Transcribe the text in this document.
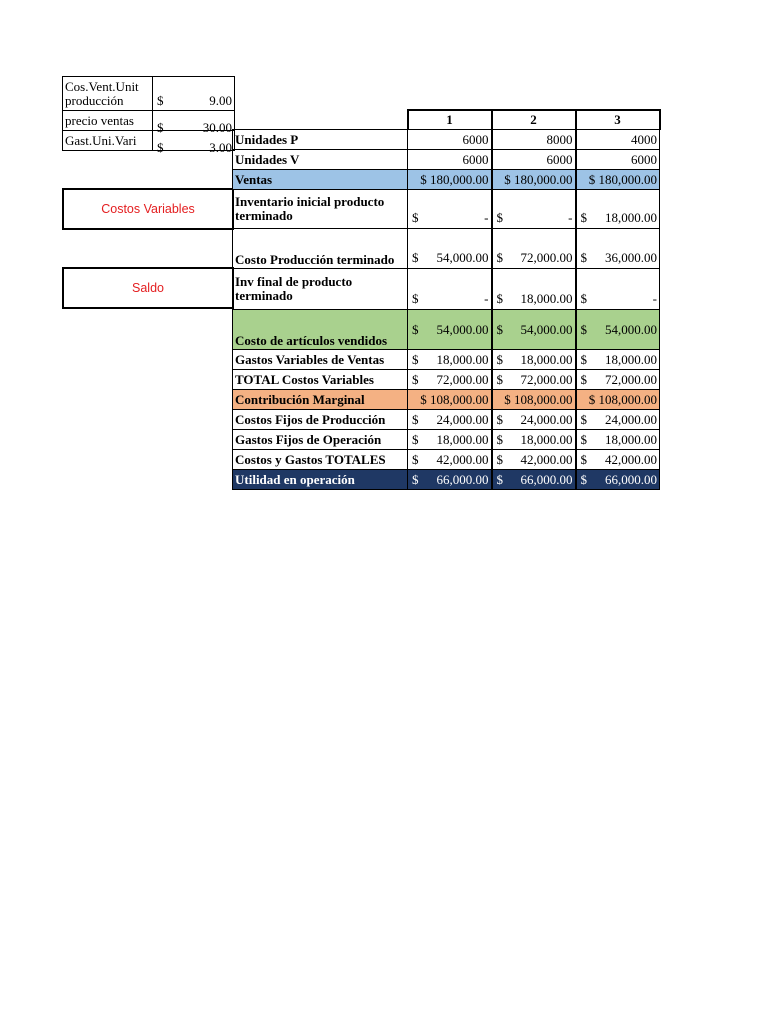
Cos.Vent.Unit producción	$ 9.00

precio ventas	$ 30.00

Gast.Uni.Vari	$ 3.00
Costos Variables
Saldo
	1	2	3
Unidades P	6000	8000	4000

Unidades V	6000	6000	6000

Ventas	$ 180,000.00	$ 180,000.00	$ 180,000.00

Inventario inicial producto terminado	$ -	$ -	$ 18,000.00

Costo Producción terminado	$ 54,000.00	$ 72,000.00	$ 36,000.00

Inv final de producto terminado	$ -	$ 18,000.00	$ -

Costo de artículos vendidos	$ 54,000.00	$ 54,000.00	$ 54,000.00

Gastos Variables de Ventas	$ 18,000.00	$ 18,000.00	$ 18,000.00

TOTAL Costos Variables	$ 72,000.00	$ 72,000.00	$ 72,000.00

Contribución Marginal	$ 108,000.00	$ 108,000.00	$ 108,000.00

Costos Fijos de Producción	$ 24,000.00	$ 24,000.00	$ 24,000.00

Gastos Fijos de Operación	$ 18,000.00	$ 18,000.00	$ 18,000.00

Costos y Gastos TOTALES	$ 42,000.00	$ 42,000.00	$ 42,000.00

Utilidad en operación	$ 66,000.00	$ 66,000.00	$ 66,000.00
